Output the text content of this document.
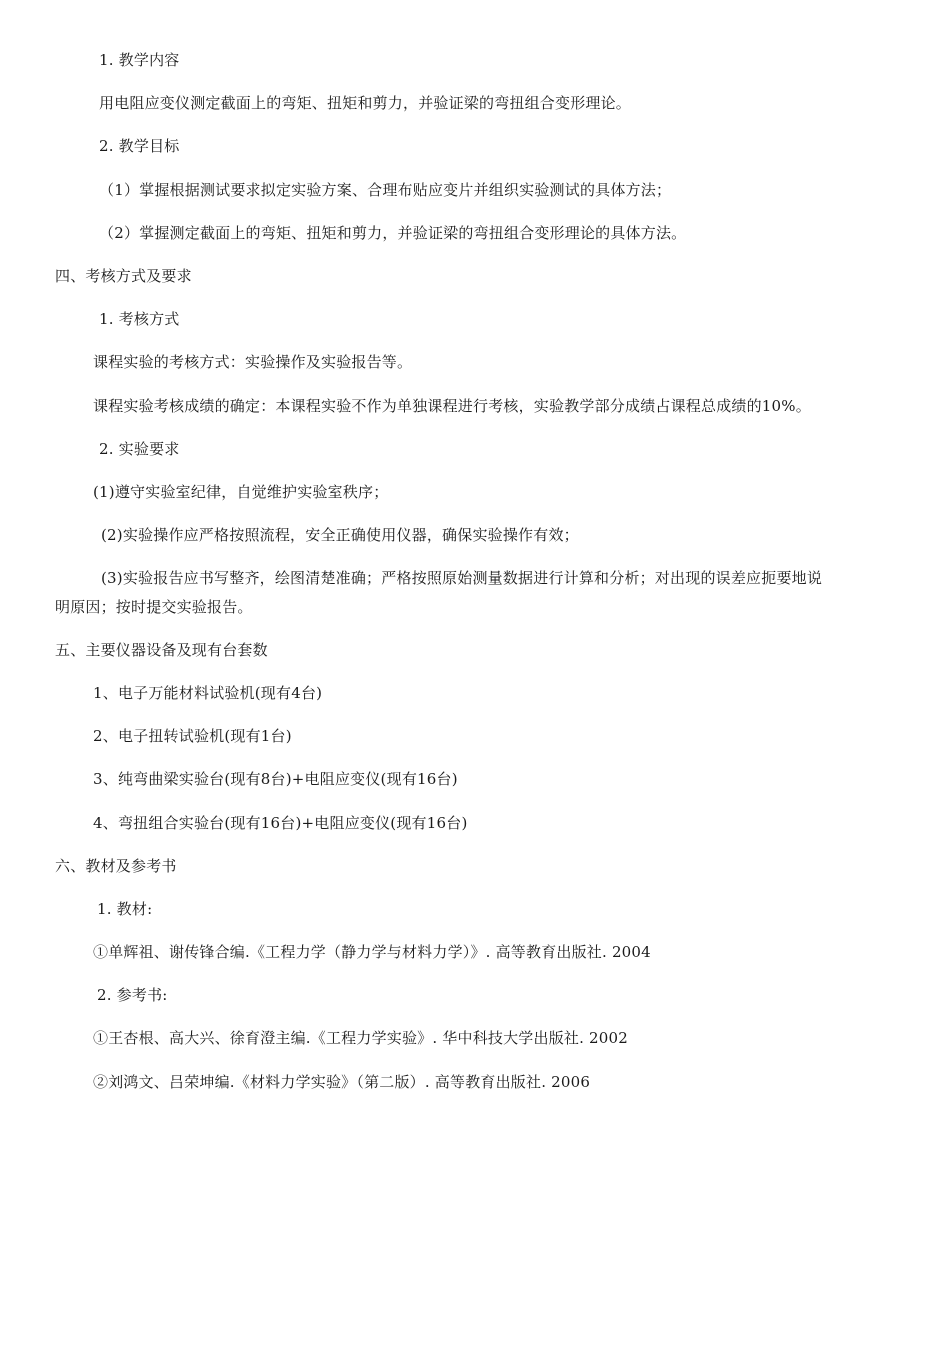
1. 教学内容
用电阻应变仪测定截面上的弯矩、扭矩和剪力，并验证梁的弯扭组合变形理论。
2. 教学目标
（1）掌握根据测试要求拟定实验方案、合理布贴应变片并组织实验测试的具体方法；
（2）掌握测定截面上的弯矩、扭矩和剪力，并验证梁的弯扭组合变形理论的具体方法。
四、考核方式及要求
1. 考核方式
课程实验的考核方式：实验操作及实验报告等。
课程实验考核成绩的确定：本课程实验不作为单独课程进行考核，实验教学部分成绩占课程总成绩的10%。
2. 实验要求
(1)遵守实验室纪律，自觉维护实验室秩序；
(2)实验操作应严格按照流程，安全正确使用仪器，确保实验操作有效；
(3)实验报告应书写整齐，绘图清楚准确；严格按照原始测量数据进行计算和分析；对出现的误差应扼要地说
明原因；按时提交实验报告。
五、主要仪器设备及现有台套数
1、电子万能材料试验机(现有4台)
2、电子扭转试验机(现有1台)
3、纯弯曲梁实验台(现有8台)+电阻应变仪(现有16台)
4、弯扭组合实验台(现有16台)+电阻应变仪(现有16台)
六、教材及参考书
1. 教材:
①单辉祖、谢传锋合编.《工程力学（静力学与材料力学）》. 高等教育出版社. 2004
2. 参考书:
①王杏根、高大兴、徐育澄主编.《工程力学实验》. 华中科技大学出版社. 2002
②刘鸿文、吕荣坤编.《材料力学实验》（第二版）. 高等教育出版社. 2006
